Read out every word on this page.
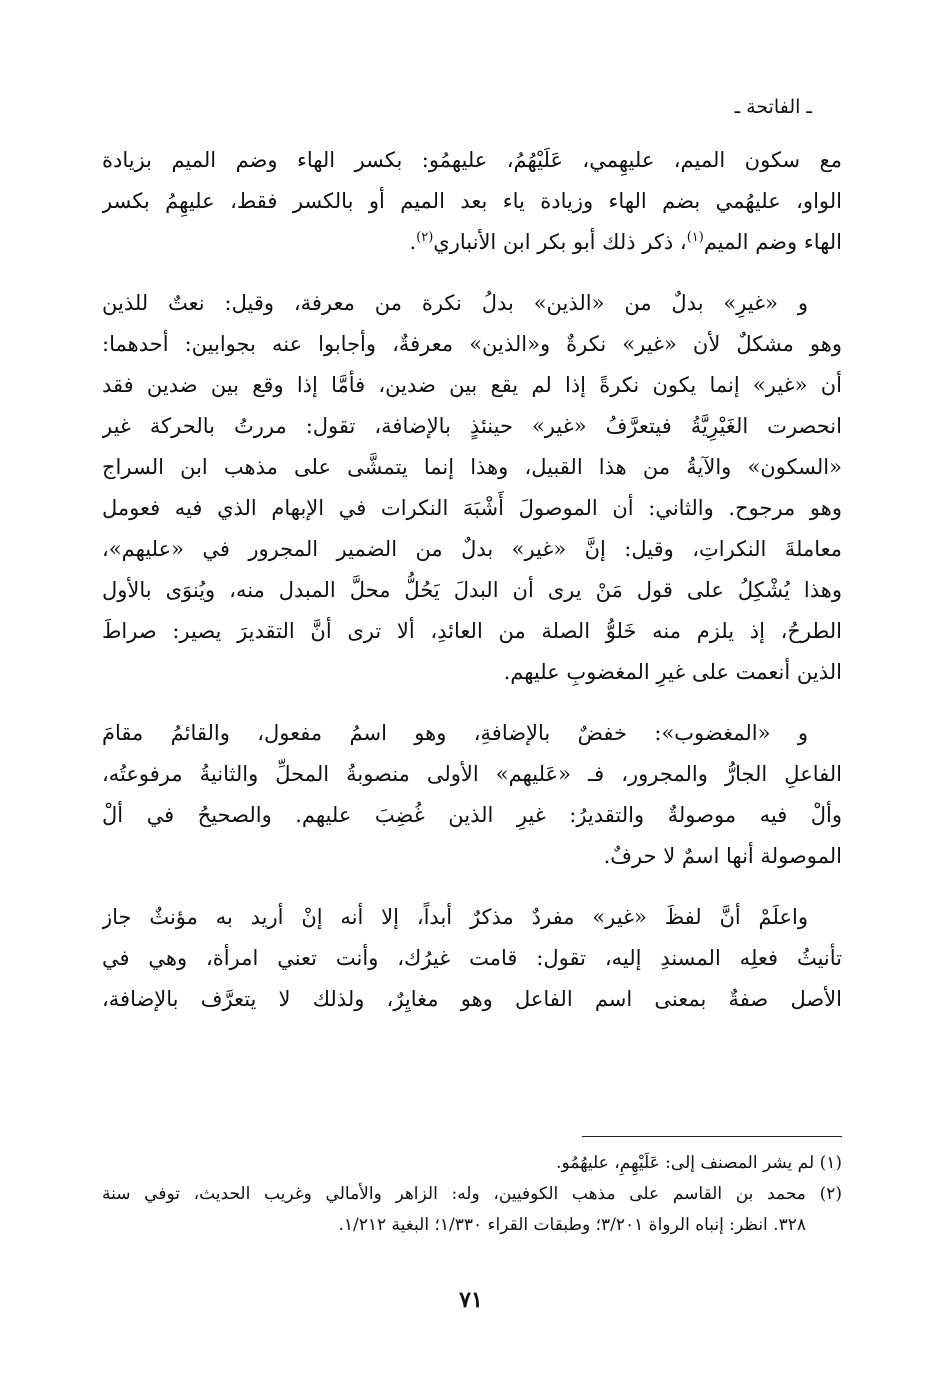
ـ الفاتحة ـ
مع سكون الميم، عليهِمي، عَلَيْهُمُ، عليهمُو: بكسر الهاء وضم الميم بزيادة
الواو، عليهُمي بضم الهاء وزيادة ياء بعد الميم أو بالكسر فقط، عليهِمُ بكسر
الهاء وضم الميم$^{(١)}$، ذكر ذلك أبو بكر ابن الأنباري$^{(٢)}$.
و «غيرِ» بدلٌ من «الذين» بدلُ نكرة من معرفة، وقيل: نعتٌ للذين
وهو مشكلٌ لأن «غير» نكرةٌ و«الذين» معرفةٌ، وأجابوا عنه بجوابين: أحدهما:
أن «غير» إنما يكون نكرةً إذا لم يقع بين ضدين، فأمَّا إذا وقع بين ضدين فقد
انحصرت الغَيْرِيَّةُ فيتعرَّفُ «غير» حينئذٍ بالإضافة، تقول: مررتُ بالحركة غير
«السكون» والآيةُ من هذا القبيل، وهذا إنما يتمشَّى على مذهب ابن السراج
وهو مرجوح. والثاني: أن الموصولَ أَشْبَهَ النكرات في الإبهام الذي فيه فعومل
معاملةَ النكراتِ، وقيل: إنَّ «غير» بدلٌ من الضمير المجرور في «عليهم»،
وهذا يُشْكِلُ على قول مَنْ يرى أن البدلَ يَحُلُّ محلَّ المبدل منه، ويُنوَى بالأول
الطرحُ، إذ يلزم منه خَلوُّ الصلة من العائدِ، ألا ترى أنَّ التقديرَ يصير: صراطَ
الذين أنعمت على غيرِ المغضوبِ عليهم.
و «المغضوب»: خفضٌ بالإضافةِ، وهو اسمُ مفعول، والقائمُ مقامَ
الفاعلِ الجارُّ والمجرور، فـ «عَليهم» الأولى منصوبةُ المحلِّ والثانيةُ مرفوعتُه،
وألْ فيه موصولةٌ والتقديرُ: غيرِ الذين غُضِبَ عليهم. والصحيحُ في ألْ
الموصولة أنها اسمٌ لا حرفٌ.
واعلَمْ أنَّ لفظَ «غير» مفردٌ مذكرٌ أبداً، إلا أنه إنْ أريد به مؤنثٌ جاز
تأنيثُ فعلِه المسندِ إليه، تقول: قامت غيرُك، وأنت تعني امرأة، وهي في
الأصل صفةٌ بمعنى اسم الفاعل وهو مغايِرٌ، ولذلك لا يتعرَّف بالإضافة،
(١) لم يشر المصنف إلى: عَلَيْهِمِ، عليهُمُو.
(٢) محمد بن القاسم على مذهب الكوفيين، وله: الزاهر والأمالي وغريب الحديث، توفي سنة
٣٢٨. انظر: إنباه الرواة ٣/٢٠١؛ وطبقات القراء ١/٣٣٠؛ البغية ١/٢١٢.
٧١
